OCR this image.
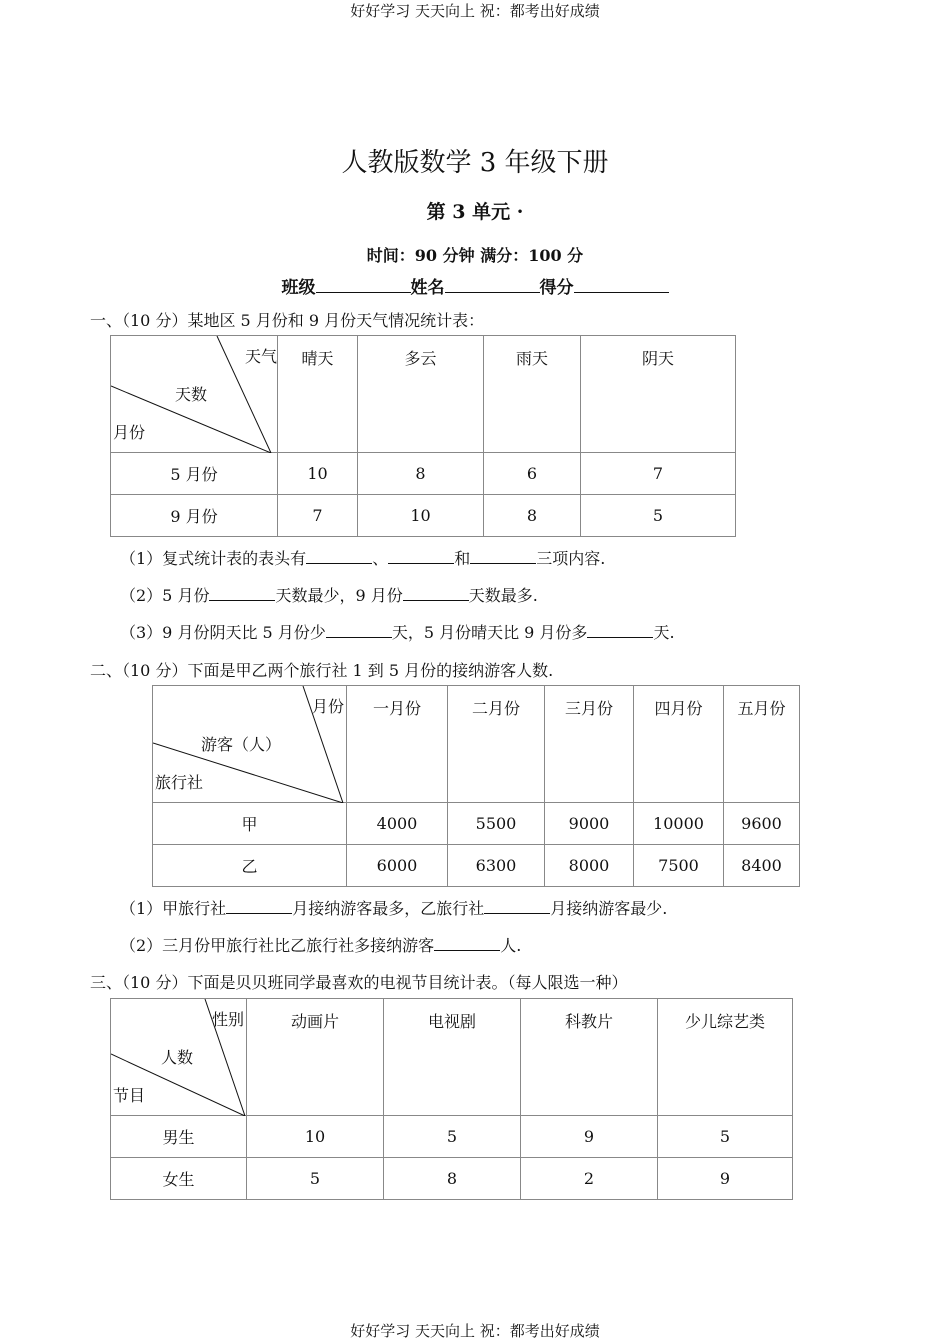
好好学习 天天向上 祝：都考出好成绩
人教版数学 3 年级下册
第 3 单元 ·
时间：90 分钟 满分：100 分
班级	姓名	得分
一、（10 分）某地区 5 月份和 9 月份天气情况统计表：
天气
天数
月份	晴天	多云	雨天	阴天
5 月份	10	8	6	7
9 月份	7	10	8	5
（1）复式统计表的表头有	、	和	三项内容.
（2）5 月份	天数最少，9 月份	天数最多.
（3）9 月份阴天比 5 月份少	天，5 月份晴天比 9 月份多	天.
二、（10 分）下面是甲乙两个旅行社 1 到 5 月份的接纳游客人数.
月份
游客（人）
旅行社	一月份	二月份	三月份	四月份	五月份
甲	4000	5500	9000	10000	9600
乙	6000	6300	8000	7500	8400
（1）甲旅行社	月接纳游客最多，乙旅行社	月接纳游客最少.
（2）三月份甲旅行社比乙旅行社多接纳游客	人.
三、（10 分）下面是贝贝班同学最喜欢的电视节目统计表。（每人限选一种）
性别
人数
节目	动画片	电视剧	科教片	少儿综艺类
男生	10	5	9	5
女生	5	8	2	9
好好学习 天天向上 祝：都考出好成绩
